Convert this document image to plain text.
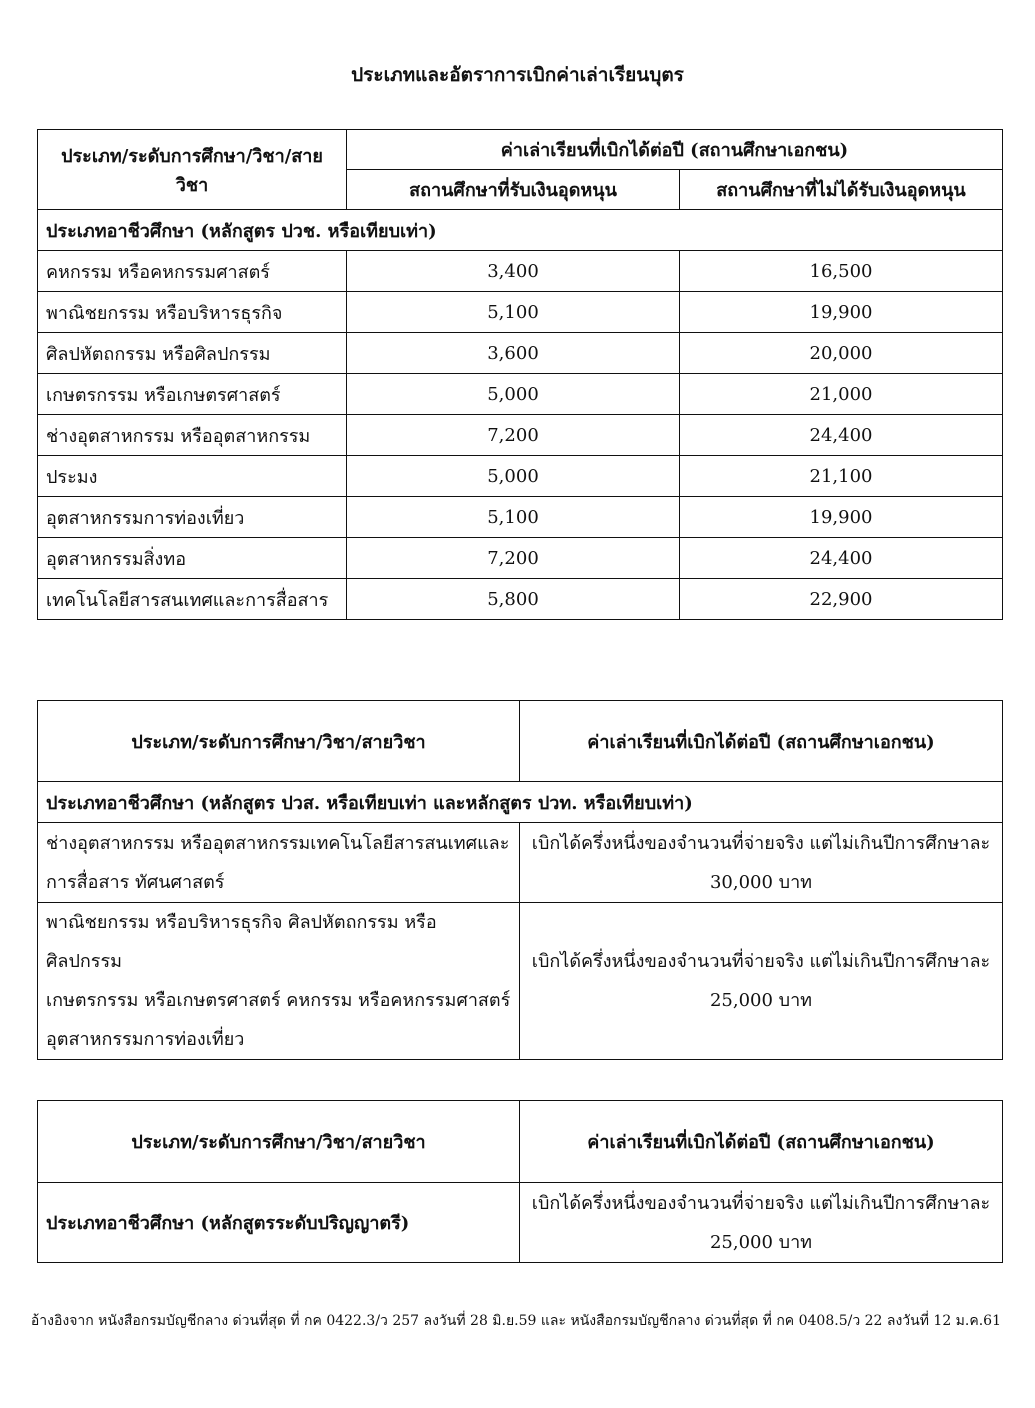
ประเภทและอัตราการเบิกค่าเล่าเรียนบุตร
ประเภท/ระดับการศึกษา/วิชา/สายวิชา	ค่าเล่าเรียนที่เบิกได้ต่อปี (สถานศึกษาเอกชน)	
	สถานศึกษาที่รับเงินอุดหนุน	สถานศึกษาที่ไม่ได้รับเงินอุดหนุน
ประเภทอาชีวศึกษา (หลักสูตร ปวช. หรือเทียบเท่า)		
คหกรรม หรือคหกรรมศาสตร์	3,400	16,500
พาณิชยกรรม หรือบริหารธุรกิจ	5,100	19,900
ศิลปหัตถกรรม หรือศิลปกรรม	3,600	20,000
เกษตรกรรม หรือเกษตรศาสตร์	5,000	21,000
ช่างอุตสาหกรรม หรืออุตสาหกรรม	7,200	24,400
ประมง	5,000	21,100
อุตสาหกรรมการท่องเที่ยว	5,100	19,900
อุตสาหกรรมสิ่งทอ	7,200	24,400
เทคโนโลยีสารสนเทศและการสื่อสาร	5,800	22,900
ประเภท/ระดับการศึกษา/วิชา/สายวิชา	ค่าเล่าเรียนที่เบิกได้ต่อปี (สถานศึกษาเอกชน)
ประเภทอาชีวศึกษา (หลักสูตร ปวส. หรือเทียบเท่า และหลักสูตร ปวท. หรือเทียบเท่า)	

ช่างอุตสาหกรรม หรืออุตสาหกรรมเทคโนโลยีสารสนเทศและ
การสื่อสาร ทัศนศาสตร์	เบิกได้ครึ่งหนึ่งของจำนวนที่จ่ายจริง แต่ไม่เกินปีการศึกษาละ
30,000 บาท

พาณิชยกรรม หรือบริหารธุรกิจ ศิลปหัตถกรรม หรือศิลปกรรม
เกษตรกรรม หรือเกษตรศาสตร์ คหกรรม หรือคหกรรมศาสตร์
อุตสาหกรรมการท่องเที่ยว	เบิกได้ครึ่งหนึ่งของจำนวนที่จ่ายจริง แต่ไม่เกินปีการศึกษาละ
25,000 บาท
ประเภท/ระดับการศึกษา/วิชา/สายวิชา	ค่าเล่าเรียนที่เบิกได้ต่อปี (สถานศึกษาเอกชน)
ประเภทอาชีวศึกษา (หลักสูตรระดับปริญญาตรี)	เบิกได้ครึ่งหนึ่งของจำนวนที่จ่ายจริง แต่ไม่เกินปีการศึกษาละ
25,000 บาท
อ้างอิงจาก หนังสือกรมบัญชีกลาง ด่วนที่สุด ที่ กค 0422.3/ว 257 ลงวันที่ 28 มิ.ย.59 และ หนังสือกรมบัญชีกลาง ด่วนที่สุด ที่ กค 0408.5/ว 22 ลงวันที่ 12 ม.ค.61
